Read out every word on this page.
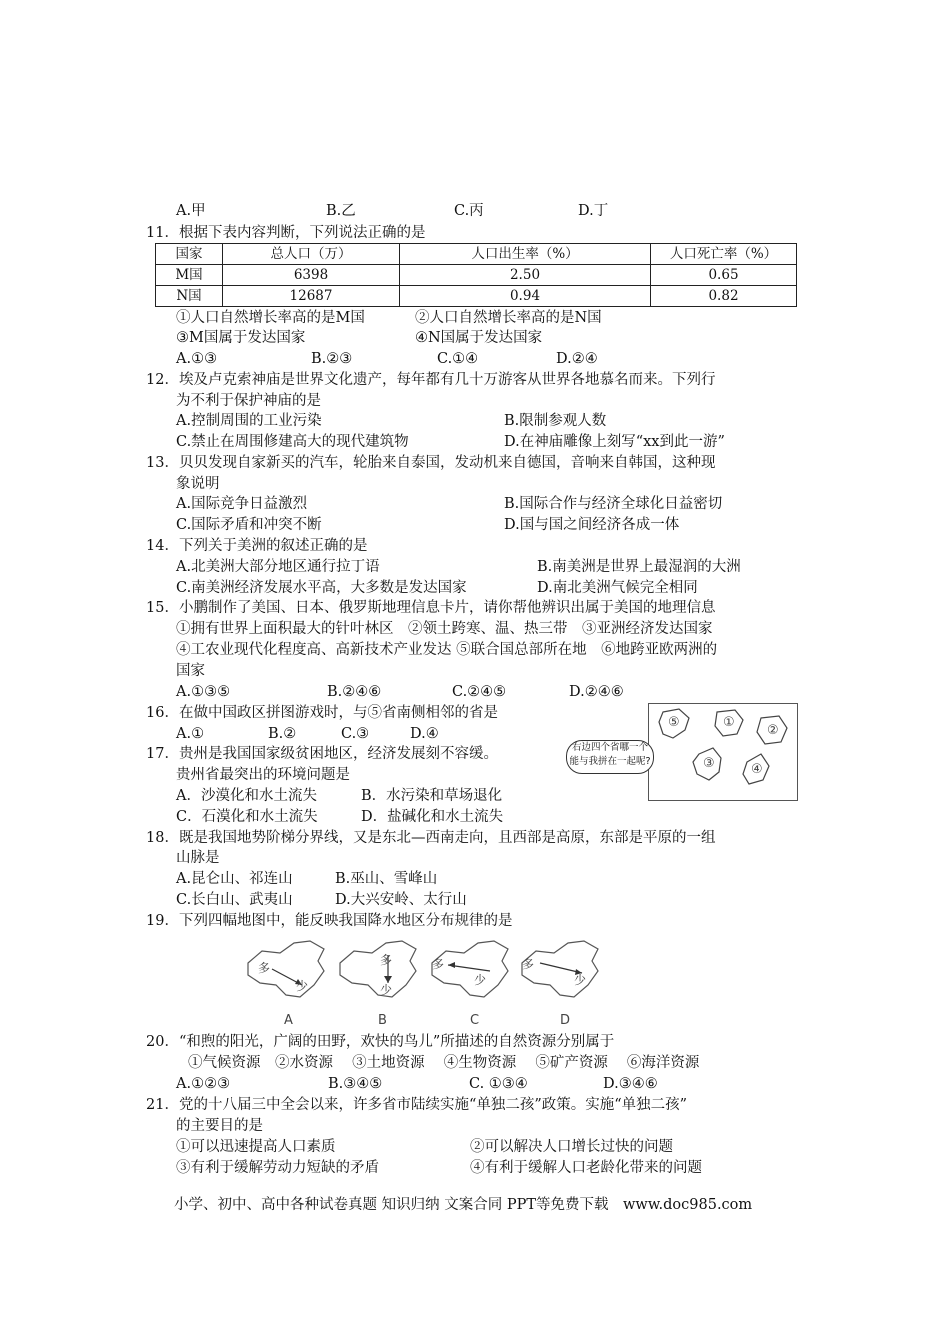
A.甲	B.乙	C.丙	D.丁
11．根据下表内容判断，下列说法正确的是
国家	总人口（万）	人口出生率（%）	人口死亡率（%）
M国	6398	2.50	0.65
N国	12687	0.94	0.82
①人口自然增长率高的是M国	②人口自然增长率高的是N国
③M国属于发达国家	④N国属于发达国家
A.①③	B.②③	C.①④	D.②④
12．埃及卢克索神庙是世界文化遗产，每年都有几十万游客从世界各地慕名而来。下列行
为不利于保护神庙的是
A.控制周围的工业污染	B.限制参观人数
C.禁止在周围修建高大的现代建筑物	D.在神庙雕像上刻写“xx到此一游”
13．贝贝发现自家新买的汽车，轮胎来自泰国，发动机来自德国，音响来自韩国，这种现
象说明
A.国际竞争日益激烈	B.国际合作与经济全球化日益密切
C.国际矛盾和冲突不断	D.国与国之间经济各成一体
14．下列关于美洲的叙述正确的是
A.北美洲大部分地区通行拉丁语	B.南美洲是世界上最湿润的大洲
C.南美洲经济发展水平高，大多数是发达国家	D.南北美洲气候完全相同
15．小鹏制作了美国、日本、俄罗斯地理信息卡片，请你帮他辨识出属于美国的地理信息
①拥有世界上面积最大的针叶林区　②领土跨寒、温、热三带　③亚洲经济发达国家
④工农业现代化程度高、高新技术产业发达 ⑤联合国总部所在地　⑥地跨亚欧两洲的
国家
A.①③⑤	B.②④⑥	C.②④⑤	D.②④⑥
16．在做中国政区拼图游戏时，与⑤省南侧相邻的省是
A.①	B.②	C.③	D.④
⑤	①
②
③	④
右边四个省哪一个
能与我拼在一起呢?
17．贵州是我国国家级贫困地区，经济发展刻不容缓。
贵州省最突出的环境问题是
A．沙漠化和水土流失	B．水污染和草场退化
C．石漠化和水土流失	D．盐碱化和水土流失
18．既是我国地势阶梯分界线，又是东北—西南走向，且西部是高原，东部是平原的一组
山脉是
A.昆仑山、祁连山	B.巫山、雪峰山
C.长白山、武夷山	D.大兴安岭、太行山
19．下列四幅地图中，能反映我国降水地区分布规律的是
多
少
多
少
多
少
多
少
A	B	C	D
20．“和煦的阳光，广阔的田野，欢快的鸟儿”所描述的自然资源分别属于
①气候资源　②水资源　 ③土地资源　 ④生物资源　 ⑤矿产资源　 ⑥海洋资源
A.①②③	B.③④⑤	C. ①③④	D.③④⑥
21．党的十八届三中全会以来，许多省市陆续实施“单独二孩”政策。实施“单独二孩”
的主要目的是
①可以迅速提高人口素质	②可以解决人口增长过快的问题
③有利于缓解劳动力短缺的矛盾	④有利于缓解人口老龄化带来的问题
小学、初中、高中各种试卷真题 知识归纳 文案合同 PPT等免费下载　www.doc985.com
